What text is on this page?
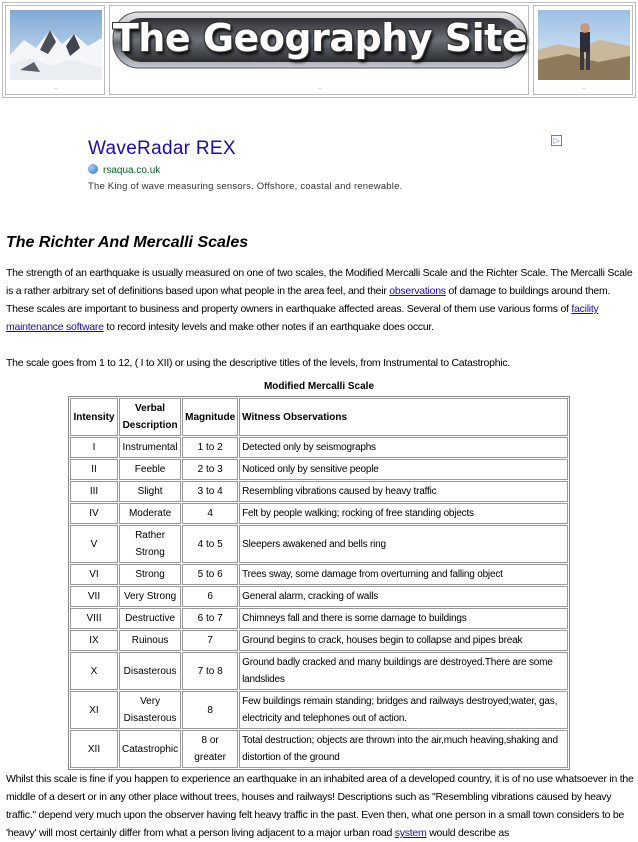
.
The Geography Site
.	.
WaveRadar REX
rsaqua.co.uk
The King of wave measuring sensors. Offshore, coastal and renewable.
▷
The Richter And Mercalli Scales

The strength of an earthquake is usually measured on one of two scales, the Modified Mercalli Scale and the Richter Scale. The Mercalli Scale is a rather arbitrary set of definitions based upon what people in the area feel, and their observations of damage to buildings around them. These scales are important to business and property owners in earthquake affected areas. Several of them use various forms of facility maintenance software to record intesity levels and make other notes if an earthquake does occur.

The scale goes from 1 to 12, ( I to XII) or using the descriptive titles of the levels, from Instrumental to Catastrophic.

Modified Mercalli Scale
Intensity	Verbal Description	Magnitude	Witness Observations
I	Instrumental	1 to 2	Detected only by seismographs
II	Feeble	2 to 3	Noticed only by sensitive people
III	Slight	3 to 4	Resembling vibrations caused by heavy traffic
IV	Moderate	4	Felt by people walking; rocking of free standing objects
V	Rather Strong	4 to 5	Sleepers awakened and bells ring
VI	Strong	5 to 6	Trees sway, some damage from overturning and falling object
VII	Very Strong	6	General alarm, cracking of walls
VIII	Destructive	6 to 7	Chimneys fall and there is some damage to buildings
IX	Ruinous	7	Ground begins to crack, houses begin to collapse and pipes break
X	Disasterous	7 to 8	Ground badly cracked and many buildings are destroyed.There are some landslides
XI	Very Disasterous	8	Few buildings remain standing; bridges and railways destroyed;water, gas, electricity and telephones out of action.
XII	Catastrophic	8 or greater	Total destruction; objects are thrown into the air,much heaving,shaking and distortion of the ground

Whilst this scale is fine if you happen to experience an earthquake in an inhabited area of a developed country, it is of no use whatsoever in the middle of a desert or in any other place without trees, houses and railways! Descriptions such as "Resembling vibrations caused by heavy traffic." depend very much upon the observer having felt heavy traffic in the past. Even then, what one person in a small town considers to be 'heavy' will most certainly differ from what a person living adjacent to a major urban road system would describe as
